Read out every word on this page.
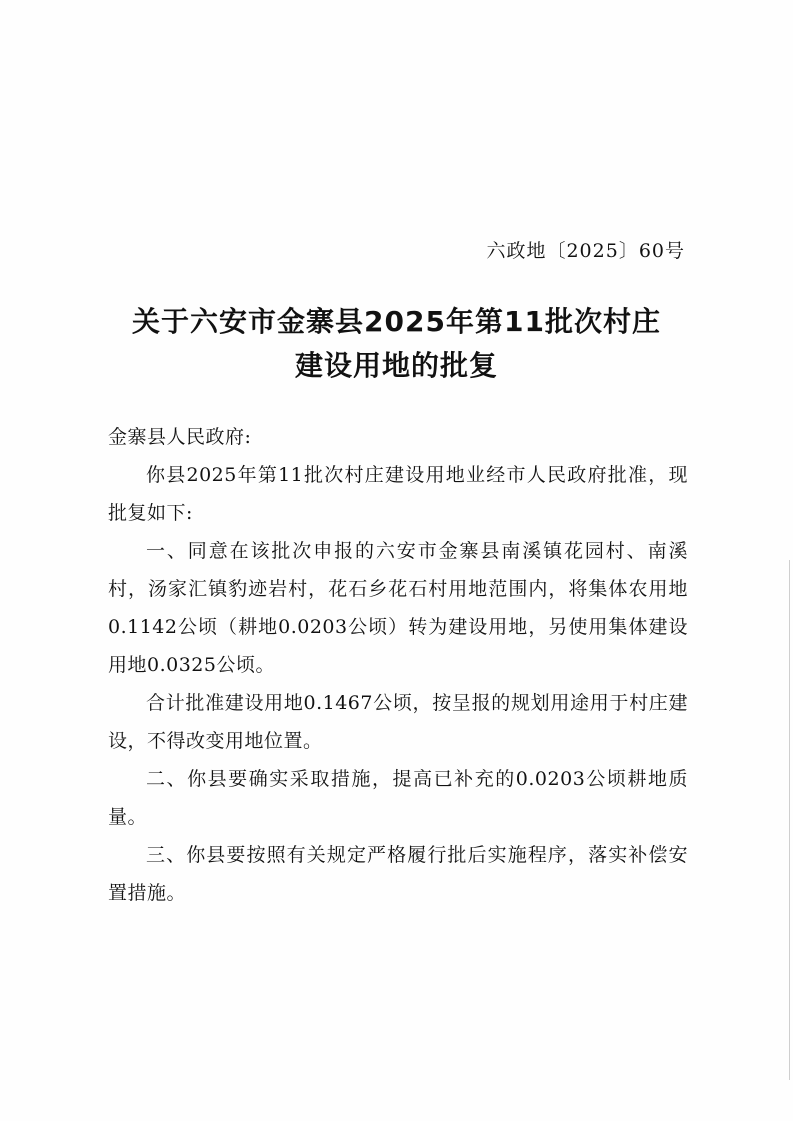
六政地〔2025〕60号
关于六安市金寨县2025年第11批次村庄
建设用地的批复

金寨县人民政府:

你县2025年第11批次村庄建设用地业经市人民政府批准，现批复如下:

一、同意在该批次申报的六安市金寨县南溪镇花园村、南溪村，汤家汇镇豹迹岩村，花石乡花石村用地范围内，将集体农用地0.1142公顷（耕地0.0203公顷）转为建设用地，另使用集体建设用地0.0325公顷。

合计批准建设用地0.1467公顷，按呈报的规划用途用于村庄建设，不得改变用地位置。

二、你县要确实采取措施，提高已补充的0.0203公顷耕地质量。

三、你县要按照有关规定严格履行批后实施程序，落实补偿安置措施。
